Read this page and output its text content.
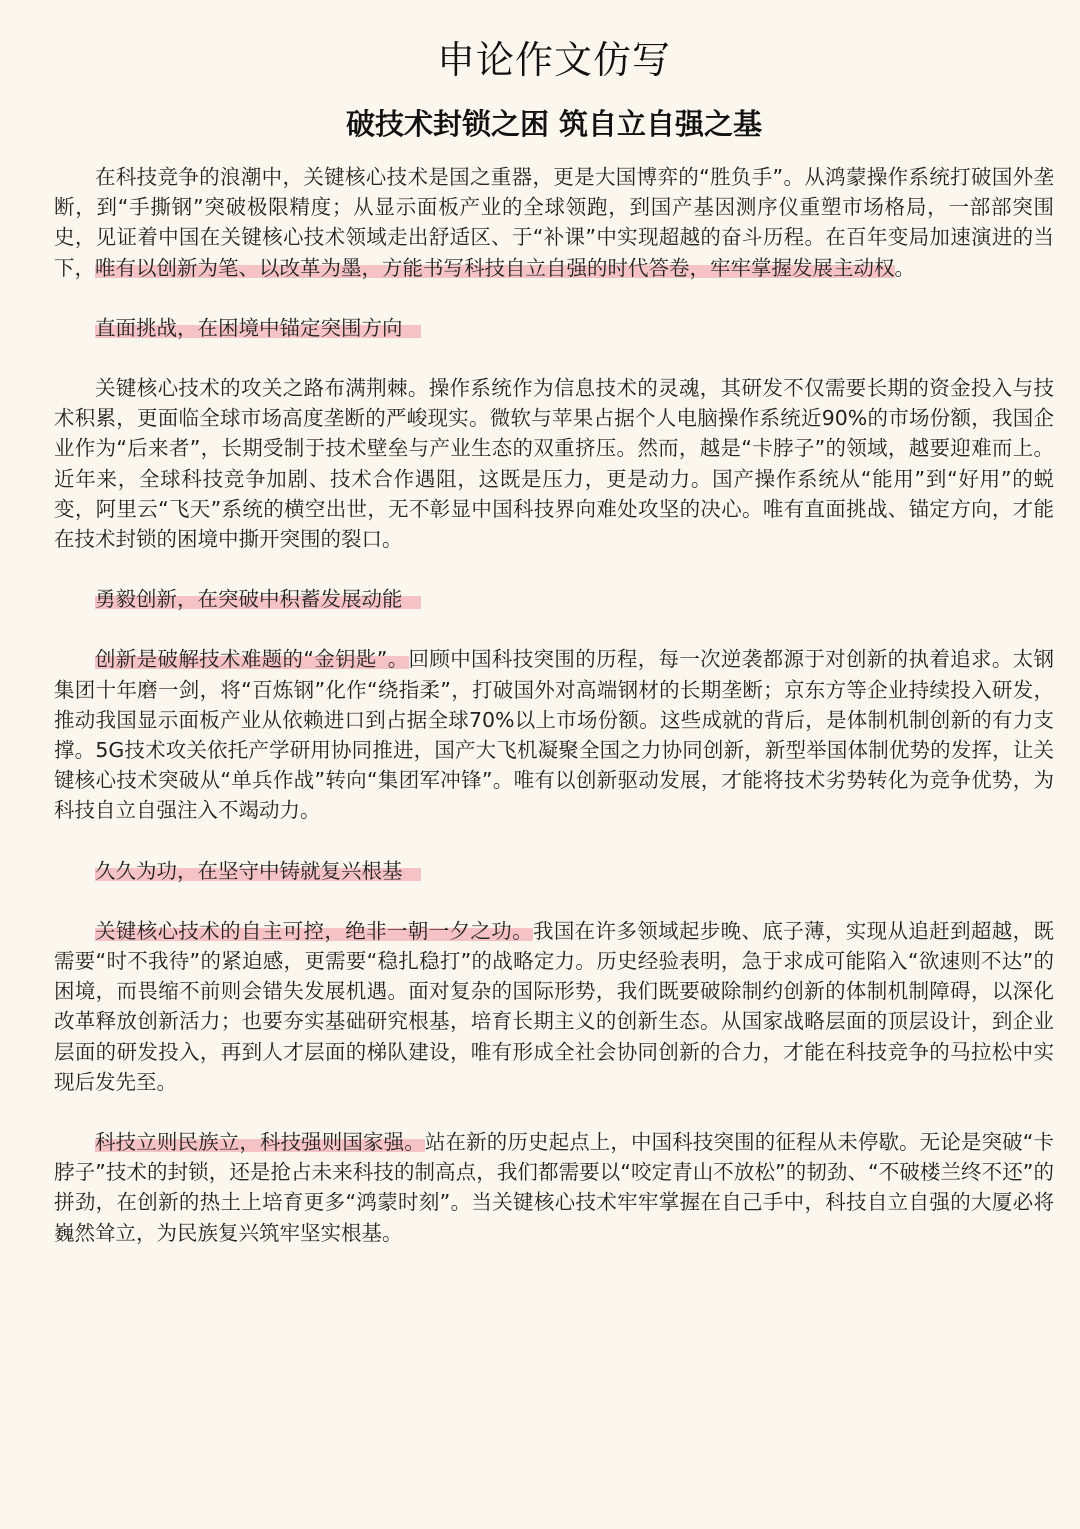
申论作文仿写
破技术封锁之困 筑自立自强之基

在科技竞争的浪潮中，关键核心技术是国之重器，更是大国博弈的“胜负手”。从鸿蒙操作系统打破国外垄断，到“手撕钢”突破极限精度；从显示面板产业的全球领跑，到国产基因测序仪重塑市场格局，一部部突围史，见证着中国在关键核心技术领域走出舒适区、于“补课”中实现超越的奋斗历程。在百年变局加速演进的当下，唯有以创新为笔、以改革为墨，方能书写科技自立自强的时代答卷，牢牢掌握发展主动权。

直面挑战，在困境中锚定突围方向

关键核心技术的攻关之路布满荆棘。操作系统作为信息技术的灵魂，其研发不仅需要长期的资金投入与技术积累，更面临全球市场高度垄断的严峻现实。微软与苹果占据个人电脑操作系统近90%的市场份额，我国企业作为“后来者”，长期受制于技术壁垒与产业生态的双重挤压。然而，越是“卡脖子”的领域，越要迎难而上。近年来，全球科技竞争加剧、技术合作遇阻，这既是压力，更是动力。国产操作系统从“能用”到“好用”的蜕变，阿里云“飞天”系统的横空出世，无不彰显中国科技界向难处攻坚的决心。唯有直面挑战、锚定方向，才能在技术封锁的困境中撕开突围的裂口。

勇毅创新，在突破中积蓄发展动能

创新是破解技术难题的“金钥匙”。回顾中国科技突围的历程，每一次逆袭都源于对创新的执着追求。太钢集团十年磨一剑，将“百炼钢”化作“绕指柔”，打破国外对高端钢材的长期垄断；京东方等企业持续投入研发，推动我国显示面板产业从依赖进口到占据全球70%以上市场份额。这些成就的背后，是体制机制创新的有力支撑。5G技术攻关依托产学研用协同推进，国产大飞机凝聚全国之力协同创新，新型举国体制优势的发挥，让关键核心技术突破从“单兵作战”转向“集团军冲锋”。唯有以创新驱动发展，才能将技术劣势转化为竞争优势，为科技自立自强注入不竭动力。

久久为功，在坚守中铸就复兴根基

关键核心技术的自主可控，绝非一朝一夕之功。我国在许多领域起步晚、底子薄，实现从追赶到超越，既需要“时不我待”的紧迫感，更需要“稳扎稳打”的战略定力。历史经验表明，急于求成可能陷入“欲速则不达”的困境，而畏缩不前则会错失发展机遇。面对复杂的国际形势，我们既要破除制约创新的体制机制障碍，以深化改革释放创新活力；也要夯实基础研究根基，培育长期主义的创新生态。从国家战略层面的顶层设计，到企业层面的研发投入，再到人才层面的梯队建设，唯有形成全社会协同创新的合力，才能在科技竞争的马拉松中实现后发先至。

科技立则民族立，科技强则国家强。站在新的历史起点上，中国科技突围的征程从未停歇。无论是突破“卡脖子”技术的封锁，还是抢占未来科技的制高点，我们都需要以“咬定青山不放松”的韧劲、“不破楼兰终不还”的拼劲，在创新的热土上培育更多“鸿蒙时刻”。当关键核心技术牢牢掌握在自己手中，科技自立自强的大厦必将巍然耸立，为民族复兴筑牢坚实根基。
